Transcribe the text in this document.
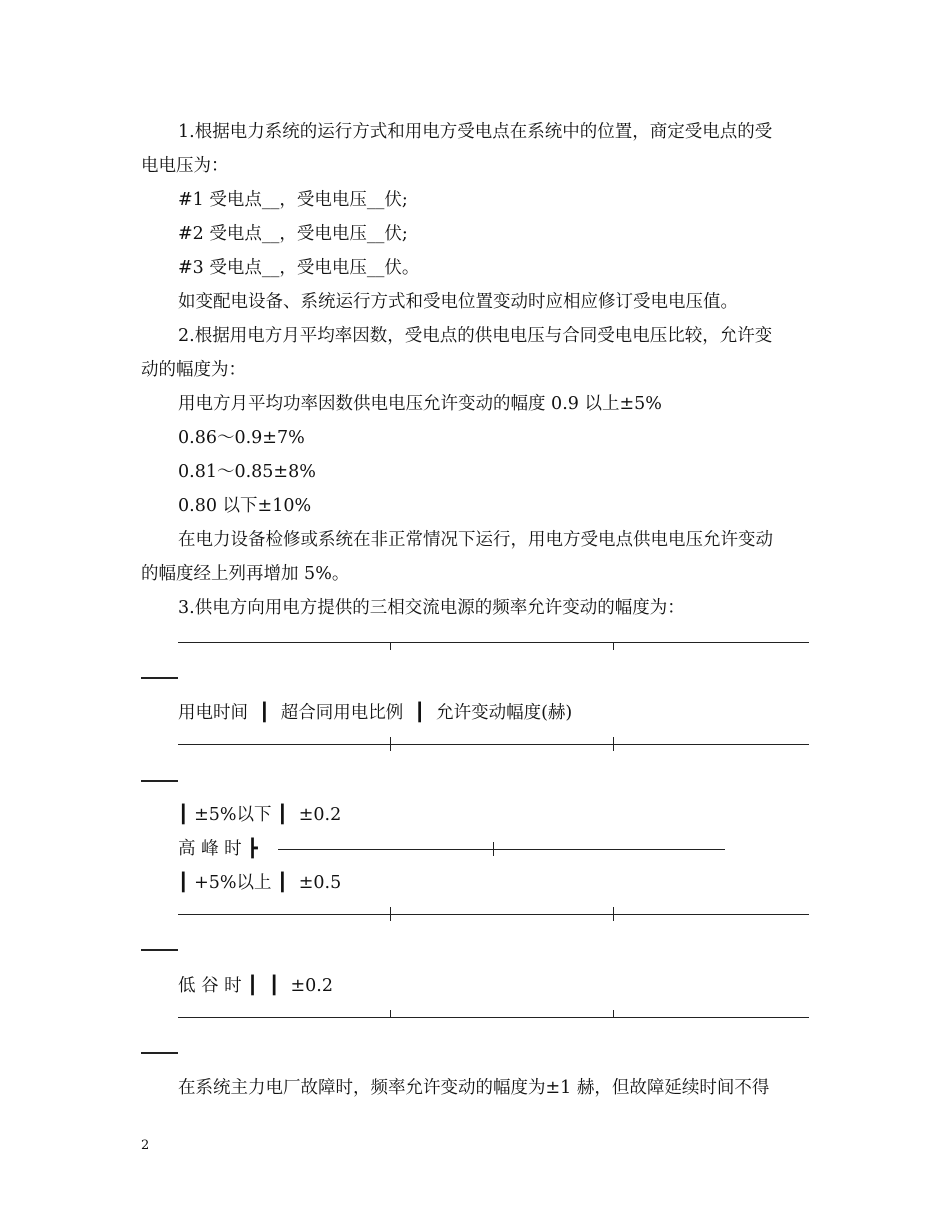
1.根据电力系统的运行方式和用电方受电点在系统中的位置，商定受电点的受
电电压为：
#1 受电点__，受电电压__伏;
#2 受电点__，受电电压__伏;
#3 受电点__，受电电压__伏。
如变配电设备、系统运行方式和受电位置变动时应相应修订受电电压值。
2.根据用电方月平均率因数，受电点的供电电压与合同受电电压比较，允许变
动的幅度为：
用电方月平均功率因数供电电压允许变动的幅度 0.9 以上±5%
0.86～0.9±7%
0.81～0.85±8%
0.80 以下±10%
在电力设备检修或系统在非正常情况下运行，用电方受电点供电电压允许变动
的幅度经上列再增加 5%。
3.供电方向用电方提供的三相交流电源的频率允许变动的幅度为：
用电时间  ┃  超合同用电比例  ┃  允许变动幅度(赫)
┃ ±5%以下 ┃  ±0.2
高 峰 时 ┣
┃ +5%以上 ┃  ±0.5
低 谷 时 ┃  ┃  ±0.2
在系统主力电厂故障时，频率允许变动的幅度为±1 赫，但故障延续时间不得
2
